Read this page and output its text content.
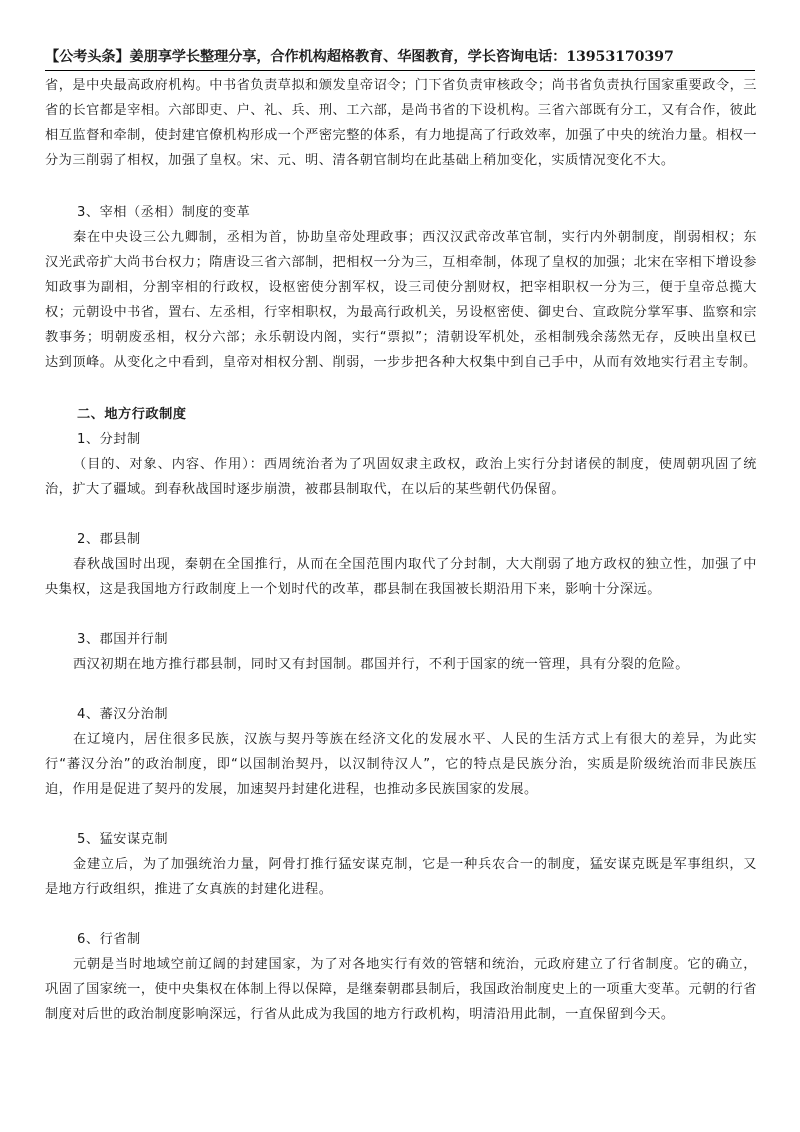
【公考头条】姜朋享学长整理分享，合作机构超格教育、华图教育，学长咨询电话：13953170397

省，是中央最高政府机构。中书省负责草拟和颁发皇帝诏令；门下省负责审核政令；尚书省负责执行国家重要政令，三省的长官都是宰相。六部即吏、户、礼、兵、刑、工六部，是尚书省的下设机构。三省六部既有分工，又有合作，彼此相互监督和牵制，使封建官僚机构形成一个严密完整的体系，有力地提高了行政效率，加强了中央的统治力量。相权一分为三削弱了相权，加强了皇权。宋、元、明、清各朝官制均在此基础上稍加变化，实质情况变化不大。

3、宰相（丞相）制度的变革

秦在中央设三公九卿制，丞相为首，协助皇帝处理政事；西汉汉武帝改革官制，实行内外朝制度，削弱相权；东汉光武帝扩大尚书台权力；隋唐设三省六部制，把相权一分为三，互相牵制，体现了皇权的加强；北宋在宰相下增设参知政事为副相，分割宰相的行政权，设枢密使分割军权，设三司使分割财权，把宰相职权一分为三，便于皇帝总揽大权；元朝设中书省，置右、左丞相，行宰相职权，为最高行政机关，另设枢密使、御史台、宣政院分掌军事、监察和宗教事务；明朝废丞相，权分六部；永乐朝设内阁，实行“票拟”；清朝设军机处，丞相制残余荡然无存，反映出皇权已达到顶峰。从变化之中看到，皇帝对相权分割、削弱，一步步把各种大权集中到自己手中，从而有效地实行君主专制。

二、地方行政制度

1、分封制

（目的、对象、内容、作用）：西周统治者为了巩固奴隶主政权，政治上实行分封诸侯的制度，使周朝巩固了统治，扩大了疆域。到春秋战国时逐步崩溃，被郡县制取代，在以后的某些朝代仍保留。

2、郡县制

春秋战国时出现，秦朝在全国推行，从而在全国范围内取代了分封制，大大削弱了地方政权的独立性，加强了中央集权，这是我国地方行政制度上一个划时代的改革，郡县制在我国被长期沿用下来，影响十分深远。

3、郡国并行制

西汉初期在地方推行郡县制，同时又有封国制。郡国并行，不利于国家的统一管理，具有分裂的危险。

4、蕃汉分治制

在辽境内，居住很多民族，汉族与契丹等族在经济文化的发展水平、人民的生活方式上有很大的差异，为此实行“蕃汉分治”的政治制度，即“以国制治契丹，以汉制待汉人”，它的特点是民族分治，实质是阶级统治而非民族压迫，作用是促进了契丹的发展，加速契丹封建化进程，也推动多民族国家的发展。

5、猛安谋克制

金建立后，为了加强统治力量，阿骨打推行猛安谋克制，它是一种兵农合一的制度，猛安谋克既是军事组织，又是地方行政组织，推进了女真族的封建化进程。

6、行省制

元朝是当时地域空前辽阔的封建国家，为了对各地实行有效的管辖和统治，元政府建立了行省制度。它的确立，巩固了国家统一，使中央集权在体制上得以保障，是继秦朝郡县制后，我国政治制度史上的一项重大变革。元朝的行省制度对后世的政治制度影响深远，行省从此成为我国的地方行政机构，明清沿用此制，一直保留到今天。
